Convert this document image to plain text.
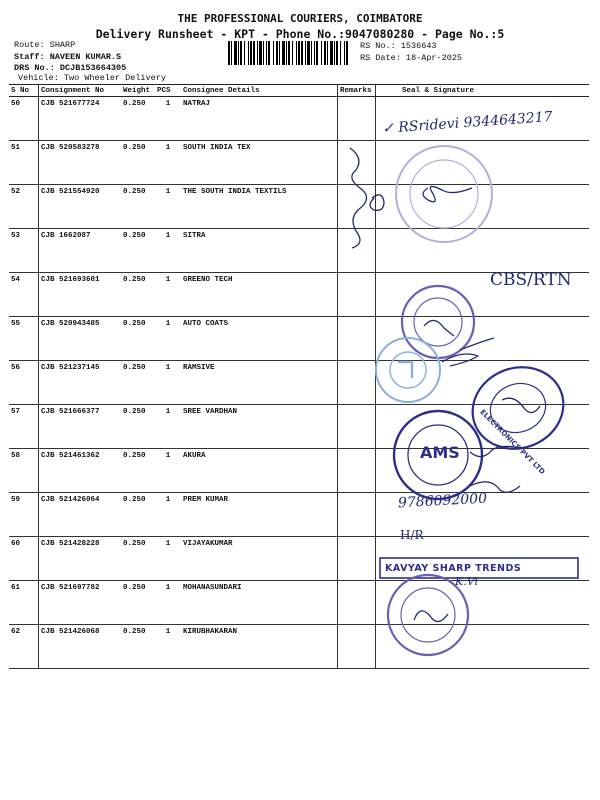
THE PROFESSIONAL COURIERS, COIMBATORE
Delivery Runsheet - KPT - Phone No.:9047080280 - Page No.:5
Route: SHARP
Staff: NAVEEN KUMAR.S
DRS No.: DCJB153664305
Vehicle: Two Wheeler Delivery
RS No.: 1536643
RS Date: 18-Apr-2025
S No	Consignment No	Weight	PCS	Consignee Details	Remarks	Seal & Signature
50	CJB 521677724	0.250	1	NATRAJ		
51	CJB 520583278	0.250	1	SOUTH INDIA TEX		
52	CJB 521554920	0.250	1	THE SOUTH INDIA TEXTILS		
53	CJB 1662087	0.250	1	SITRA		
54	CJB 521693601	0.250	1	GREENO TECH		
55	CJB 520943485	0.250	1	AUTO COATS		
56	CJB 521237145	0.250	1	RAMSIVE		
57	CJB 521666377	0.250	1	SREE VARDHAN		
58	CJB 521461362	0.250	1	AKURA		
59	CJB 521426064	0.250	1	PREM KUMAR		
60	CJB 521428228	0.250	1	VIJAYAKUMAR		
61	CJB 521697782	0.250	1	MOHANASUNDARI		
62	CJB 521426068	0.250	1	KIRUBHAKARAN		
✓ RSridevi 9344643217
CBS/RTN
9786092000
H/R
AMS	ELECTRONICS PVT LTD
KAVYAY SHARP TRENDS
K.Vi
